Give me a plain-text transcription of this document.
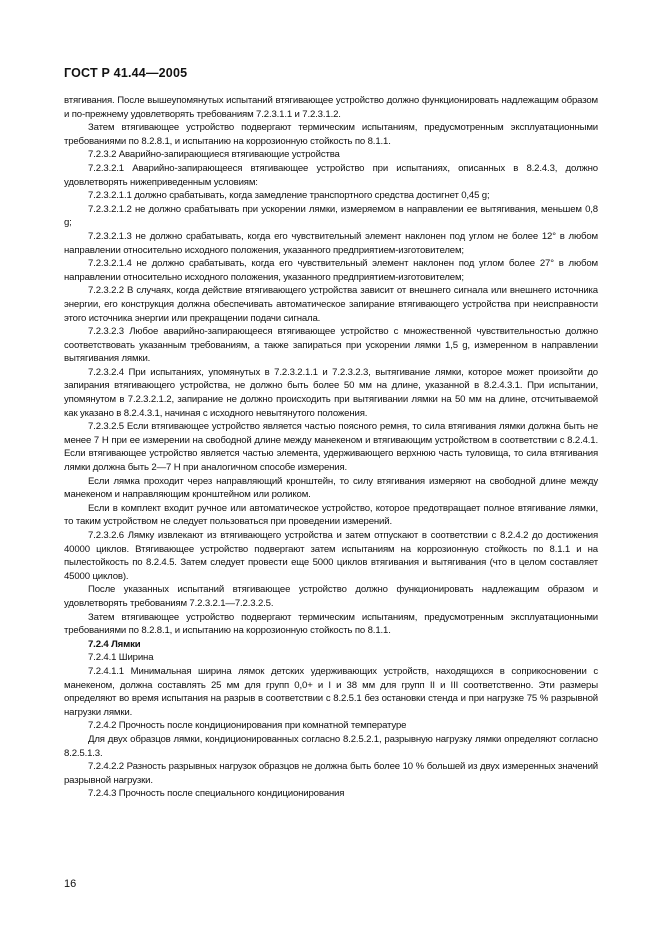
ГОСТ Р 41.44—2005

втягивания. После вышеупомянутых испытаний втягивающее устройство должно функционировать надлежащим образом и по-прежнему удовлетворять требованиям 7.2.3.1.1 и 7.2.3.1.2.

Затем втягивающее устройство подвергают термическим испытаниям, предусмотренным эксплуатационными требованиями по 8.2.8.1, и испытанию на коррозионную стойкость по 8.1.1.

7.2.3.2 Аварийно-запирающиеся втягивающие устройства

7.2.3.2.1 Аварийно-запирающееся втягивающее устройство при испытаниях, описанных в 8.2.4.3, должно удовлетворять нижеприведенным условиям:

7.2.3.2.1.1 должно срабатывать, когда замедление транспортного средства достигнет 0,45 g;

7.2.3.2.1.2 не должно срабатывать при ускорении лямки, измеряемом в направлении ее вытягивания, меньшем 0,8 g;

7.2.3.2.1.3 не должно срабатывать, когда его чувствительный элемент наклонен под углом не более 12° в любом направлении относительно исходного положения, указанного предприятием-изготовителем;

7.2.3.2.1.4 не должно срабатывать, когда его чувствительный элемент наклонен под углом более 27° в любом направлении относительно исходного положения, указанного предприятием-изготовителем;

7.2.3.2.2 В случаях, когда действие втягивающего устройства зависит от внешнего сигнала или внешнего источника энергии, его конструкция должна обеспечивать автоматическое запирание втягивающего устройства при неисправности этого источника энергии или прекращении подачи сигнала.

7.2.3.2.3 Любое аварийно-запирающееся втягивающее устройство с множественной чувствительностью должно соответствовать указанным требованиям, а также запираться при ускорении лямки 1,5 g, измеренном в направлении вытягивания лямки.

7.2.3.2.4 При испытаниях, упомянутых в 7.2.3.2.1.1 и 7.2.3.2.3, вытягивание лямки, которое может произойти до запирания втягивающего устройства, не должно быть более 50 мм на длине, указанной в 8.2.4.3.1. При испытании, упомянутом в 7.2.3.2.1.2, запирание не должно происходить при вытягивании лямки на 50 мм на длине, отсчитываемой как указано в 8.2.4.3.1, начиная с исходного невытянутого положения.

7.2.3.2.5 Если втягивающее устройство является частью поясного ремня, то сила втягивания лямки должна быть не менее 7 Н при ее измерении на свободной длине между манекеном и втягивающим устройством в соответствии с 8.2.4.1. Если втягивающее устройство является частью элемента, удерживающего верхнюю часть туловища, то сила втягивания лямки должна быть 2—7 Н при аналогичном способе измерения.

Если лямка проходит через направляющий кронштейн, то силу втягивания измеряют на свободной длине между манекеном и направляющим кронштейном или роликом.

Если в комплект входит ручное или автоматическое устройство, которое предотвращает полное втягивание лямки, то таким устройством не следует пользоваться при проведении измерений.

7.2.3.2.6 Лямку извлекают из втягивающего устройства и затем отпускают в соответствии с 8.2.4.2 до достижения 40000 циклов. Втягивающее устройство подвергают затем испытаниям на коррозионную стойкость по 8.1.1 и на пылестойкость по 8.2.4.5. Затем следует провести еще 5000 циклов втягивания и вытягивания (что в целом составляет 45000 циклов).

После указанных испытаний втягивающее устройство должно функционировать надлежащим образом и удовлетворять требованиям 7.2.3.2.1—7.2.3.2.5.

Затем втягивающее устройство подвергают термическим испытаниям, предусмотренным эксплуатационными требованиями по 8.2.8.1, и испытанию на коррозионную стойкость по 8.1.1.

7.2.4 Лямки

7.2.4.1 Ширина

7.2.4.1.1 Минимальная ширина лямок детских удерживающих устройств, находящихся в соприкосновении с манекеном, должна составлять 25 мм для групп 0,0+ и I и 38 мм для групп II и III соответственно. Эти размеры определяют во время испытания на разрыв в соответствии с 8.2.5.1 без остановки стенда и при нагрузке 75 % разрывной нагрузки лямки.

7.2.4.2 Прочность после кондиционирования при комнатной температуре

Для двух образцов лямки, кондиционированных согласно 8.2.5.2.1, разрывную нагрузку лямки определяют согласно 8.2.5.1.3.

7.2.4.2.2 Разность разрывных нагрузок образцов не должна быть более 10 % большей из двух измеренных значений разрывной нагрузки.

7.2.4.3 Прочность после специального кондиционирования

16
